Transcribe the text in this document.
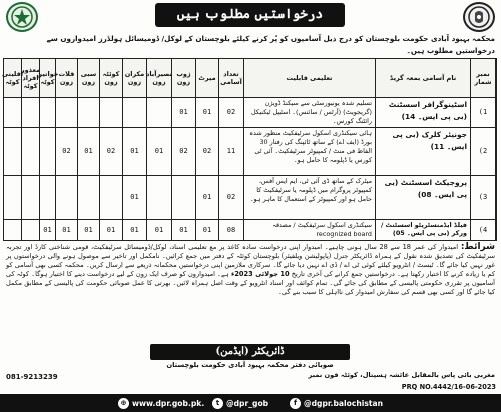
درخواستیں مطلوب ہیں
محکمہ بہبود آبادی حکومت بلوچستان کو درج ذیل آسامیوں کو پُر کرنے کیلئے بلوچستان کے لوکل/ ڈومیسائل ہولڈرز امیدواروں سے درخواستیں مطلوب ہیں۔
نمبر شمار
نام آسامی بمعہ گریڈ
تعلیمی قابلیت
تعداد آسامی
میرٹ
ژوب زون
نصیرآباد زون
مکران زون
کوئٹہ زون
سبی زون
قلات زون
خواتین کوٹہ
معذور افراد کوٹہ
اقلیتی کوٹہ
1)
اسٹینوگرافر اسسٹنٹ (بی پی ایس۔ 14)
تسلیم شدہ یونیورسٹی سے سیکنڈ ڈویژن (گریجویٹ) (آرٹس / سائنس)۔ اسٹیپل ٹیکنیکل رائٹنگ کورس۔
02
01
01
2)
جونیئر کلرک (بی پی ایس۔ 11)
ہائی سیکنڈری اسکول سرٹیفکیٹ منظور شدہ بورڈ (ایف اے) کے ساتھ ٹائپنگ کی رفتار 30 الفاظ فی منٹ / کمپیوٹر سرٹیفکیٹ۔ آئی ٹی کورس یا ڈپلومہ کا حامل ہو۔
11
02
02
01
01
02
01
02
3)
پروجیکٹ اسسٹنٹ (بی پی ایس۔ 08)
میٹرک کے ساتھ ڈی آئی ٹی، ایم ایس آفس، کمپیوٹر پروگرام میں ڈپلومہ یا سرٹیفکیٹ کا حامل ہو اور کمپیوٹر کے استعمال کا ماہر ہو۔
02
01
01
4)
فیلڈ ایڈمنسٹریٹو اسسٹنٹ / ورکر (بی پی ایس۔ 05)
سیکنڈری اسکول سرٹیفکیٹ / مصدقہ recognized board
08
01
01
01
01
01
01
01
01
شرائط: امیدوار کی عمر 18 سے 28 سال ہونی چاہیے۔ امیدوار اپنی درخواست سادہ کاغذ پر مع تعلیمی اسناد، لوکل/ڈومیسائل سرٹیفکیٹ، قومی شناختی کارڈ اور تجربہ سرٹیفکیٹ کی تصدیق شدہ نقول کے ہمراہ ڈائریکٹر جنرل (پاپولیشن ویلفیئر) بلوچستان کوئٹہ کے دفتر میں جمع کرائیں۔ نامکمل اور تاخیر سے موصول ہونے والی درخواستوں پر غور نہیں کیا جائے گا۔ ٹیسٹ / انٹرویو کیلئے کوئی ٹی اے / ڈی اے نہیں دیا جائے گا۔ سرکاری ملازمین اپنی درخواستیں محکمانہ ذریعے سے ارسال کریں۔ محکمہ کسی بھی آسامی کو کم یا زیادہ کرنے کا اختیار رکھتا ہے۔ درخواستیں جمع کرانے کی آخری تاریخ 10 جولائی 2023ء ہے۔ امیدواروں کو صرف ایک زون کے لیے درخواست دینے کا اختیار ہوگا۔ کوٹہ کی آسامیوں پر تقرری حکومتی پالیسی کے مطابق کی جائے گی۔ تمام کوائف اور اسناد انٹرویو کے وقت اصل ہمراہ لائیں۔ بھرتی کا عمل صوبائی حکومت کی پالیسی کے مطابق مکمل کیا جائے گا اور کسی بھی قسم کی سفارش امیدوار کی نااہلی کا سبب بنے گی۔
ڈائریکٹر (ایڈمن)
صوبائی دفتر محکمہ بہبود آبادی حکومت بلوچستان
مغربی بائی پاس بالمقابل عائشہ ہسپتال، کوئٹہ فون نمبر
081-9213239
PRQ NO.4442/16-06-2023
⊕ www.dpr.gob.pk.	t @dpr_gob	f @dgpr.balochistan
